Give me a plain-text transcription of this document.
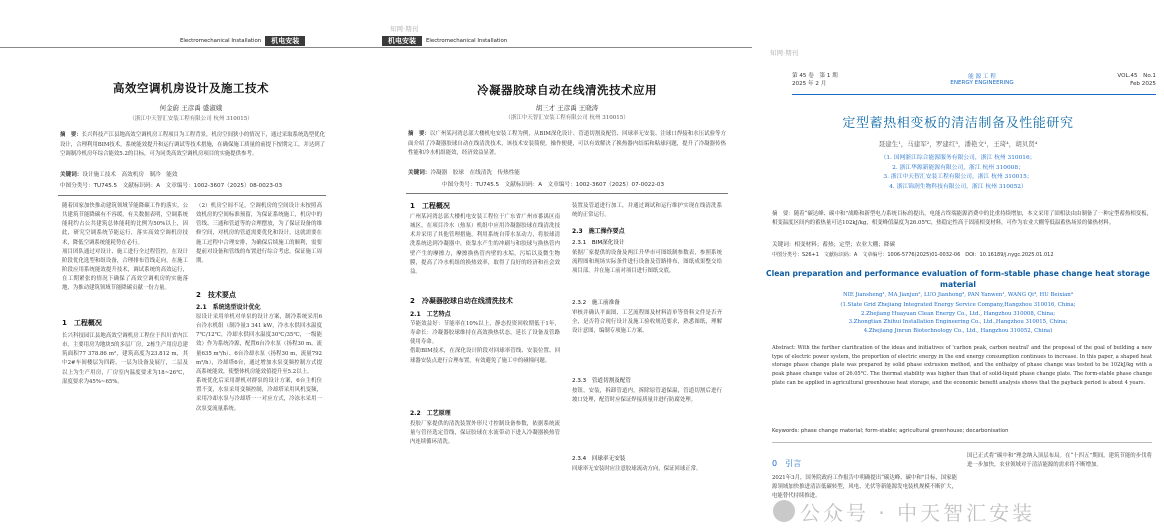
Electromechanical Installation	机电安装
高效空调机房设计及施工技术
何金蔚 王彦禹 盛淑娥
（浙江中天智汇安装工程有限公司 杭州 310015）
摘　要：长兴科技产江县地高效空调机房工程项目为工程背景，机房空间狭小的情况下，通过采取系统选型优化设计，合理利用BIM技术，系统能效提升和运行调试等技术措施，在确保施工质量的前提下按期完工，并达到了空调制冷机房年综合能效5.2的目标，可为同类高效空调机房项目的实施提供参考。
关键词：设计施工技术　高效机房　制冷　能效
中图分类号：TU745.5　文献标识码：A　文章编号：1002-3607（2025）08-0023-03
随着国家加快推动建筑领域节能降碳工作的落实，公共建筑节能降碳有不容缓，有关数据表明，空调系统能耗约占公共建筑总体能耗的比例为50%以上，因此，研究空调系统节能运行，落实高效空调机房技术，降低空调系统能耗势在必行。
项目团队通过对设计、施工进行全过程管控，在设计阶段优化选型和组设备，合理排布管线走向，在施工阶段应用系统能效提升技术，调试系统的高效运行，在工期紧张的情况下确保了高效空调机房的实施落地，为推动建筑领域节能降碳贡献一份力量。
1　工程概况
长兴科技园江县地高效空调机房工程位于四川省内江市，主要用房为地块5的多层厂房，2栋生产用房总建筑面积77 378.86 m²，建筑高度为23.812 m，其中2#车间楼层为四跨，一层为设备及展厅，二层及以上为生产用房，厂房室内温度要求为18~26℃，湿度要求为45%~65%。
（2）机房空间不足，空调机房的空间设计未按照高效机房的空间标准预留，为保证系统施工，机房中的管线、三通和管道等的合理摆放，为了保证设备的维修空间，对机房的管道需要优化和设计，这就需要在施工过程中合理安排，为确保后续施工的顺利，需要提前对设备和管线的布置进行综合考虑，保证施工周期。
2　技术要点
2.1　系统选型设计优化
原设计采用单机对单泵的设计方案，制冷系统采用6台冷水机组（制冷量3 341 kW，冷水水供回水温度7℃/12℃，冷却水供回水温度30℃/35℃，一级能效）作为系统冷源，配置6台冷水泵（扬程30 m，流量635 m³/h）、6台冷却水泵（扬程30 m，流量792 m³/h），冷却塔6台，通过增加水泵变频控制方式提高系统能效，使整体机房能效值提升至5.2以上。
系统优化后采用群机对群泵的设计方案，6台主机位置不变，水泵采用变频控制，冷却塔采用风机变频，采用冷却水泵与冷却塔一一对应方式，冷冻水采用一次泵变流量系统。
知网·期刊
机电安装	Electromechanical Installation
冷凝器胶球自动在线清洗技术应用
胡三才 王彦禹 王晓涛
（浙江中天智汇安装工程有限公司 杭州 310015）
摘　要：以广州某河湾总部大楼机电安装工程为例，从BIM深化设计、管道切割及配管、回球率无安装、注球口焊接和水压试验等方面介绍了冷凝器胶球自动在线清洗技术，该技术安装简便，操作便捷，可以有效解决了换热器内结垢和粘球问题，提升了冷凝器传热性能和冷水机组能效，经济效益显著。
关键词：冷凝器　胶球　在线清洗　传热性能
中图分类号：TU745.5　文献标识码：A　文章编号：1002-3607（2025）07-0022-03
1　工程概况
广州某河湾总部大楼机电安装工程位于广东省广州市番禺区南城区，在项目冷水（热泵）机组中应用冷凝器胶球在线清洗技术并采用了其他管理措施，利用系统自带水泵动力，将胶球清洗系统送到冷凝器中，依靠水产生的冲刷与和胶球与换热管内壁产生的摩擦力，摩擦换热管内壁的水垢，污垢以及微生物膜，提高了冷水机组的换热效率，取得了良好的经济和社会效益。
2　冷凝器胶球自动在线清洗技术
2.1　工艺特点
节能效益好：节能率在10%以上，静态投资回收期低于1年，寿命长：冷凝器胶球维持在高效换热状态，延长了设备及管路使用寿命。
借助BIM技术，在深化设计阶段对回球率管线、安装位置、回球器安装点进行合理布置，有效避免了施工中的碰撞问题。
2.2　工艺原理
投胶厂家提供的清洗装置外形尺寸控制设备参数，依据系统流量与管径选定管线，保证胶球在水流带动下进入冷凝器换热管内连续循环清洗。
装置及管道进行加工，并通过调试和运行维护实现在线清洗系统的正常运行。
2.3　施工操作要点
2.3.1　BIM深化设计
依据厂家提供的设备及两江升华市可图纸制参数表，参照系统流程图和现场实际条件进行设备及管路排布，图纸成果整交给项目部，并在施工前对项目进行图纸交底。
2.3.2　施工前准备
审核并确认平面图、工艺流程图及材料清单等资料文件是否齐全，是否符合现行设计及施工验收规范要求，熟悉图纸，理解设计意图，编制专项施工方案。
2.3.3　管道切割及配管
按钮，安装，拆卸管道内，拆除原管道保温，管道切割后进行坡口处理，配管时应保证焊接质量并进行防腐处理。
2.3.4　回球率无安装
回球率无安装时应注意胶球流动方向，保证回球正常。
知网·期刊
第 45 卷　第 1 期
2025 年 2 月
能 源 工 程
ENERGY ENGINEERING
VOL.45　No.1
Feb 2025
定型蓄热相变板的清洁制备及性能研究
聂建生¹，马建军²，罗建红³，潘艳文¹，王琦⁴，胡贝贤⁴
（1. 国网浙江综合能源服务有限公司，浙江 杭州 310016；
2. 浙江华源新能源有限公司，浙江 杭州 310008；
3. 浙江中天智汇安装工程有限公司，浙江 杭州 310015；
4. 浙江锦润生物科技有限公司，浙江 杭州 310052）
摘　要：随着“碳达峰、碳中和”战略和新型电力系统目标的提出，电能占终端能源消费中的比重持续增加，本文采用了固相法由由制备了一种定型蓄热相变板，相变温度区间内的蓄热量可达102kJ/kg，相变峰值温度为26.05℃，热稳定性高于固液相变材料，可作为农业大棚等低温蓄热场景的储热材料。
关键词：相变材料；蓄热；定型；农业大棚；降碳
中图分类号：S26+1　文献标识码：A　文章编号：1006-5776(2025)01-0032-06　DOI：10.16189/j.nygc.2025.01.012
Clean preparation and performance evaluation of form-stable phase change heat storage material
NIE Jiansheng¹, MA Jianjun², LUO Jianhong³, PAN Yanwen¹, WANG Qi⁴, HU Beixian⁴
(1.State Grid Zhejiang Integrated Energy Service Company,Hangzhou 310016, China;
2.Zhejiang Huayuan Clean Energy Co., Ltd., Hangzhou 310008, China;
3.Zhongtian Zhihui Installation Engineering Co., Ltd.,Hangzhou 310015, China;
4.Zhejiang Jinrun Biotechnology Co., Ltd., Hangzhou 310052, China)
Abstract: With the further clarification of the ideas and initiatives of 'carbon peak, carbon neutral' and the proposal of the goal of building a new type of electric power system, the proportion of electric energy in the end energy consumption continues to increase. In this paper, a shaped heat storage phase change plate was prepared by solid phase extrusion method, and the enthalpy of phase change was tested to be 102kJ/kg with a peak phase change value of 26.05℃. The thermal stability was higher than that of solid-liquid phase change plate. The form-stable phase change plate can be applied in agricultural greenhouse heat storage, and the economic benefit analysis shows that the payback period is about 4 years.
Keywords: phase change material; form-stable; agricultural greenhouse; decarbonisation
0　引言
2021年3月，国务院政府工作报告中明确提出“碳达峰、碳中和”目标，国家能源领域加快推进清洁低碳转型，风电、光伏等新能源发电装机规模不断扩大，电能替代持续推进。
国已正式将“碳中和”理念纳入顶层布局。在“十四五”期间，建筑节能的步伐将进一步加快，农业领域对于清洁能源的需求将不断增加。
公众号 · 中天智汇安装
